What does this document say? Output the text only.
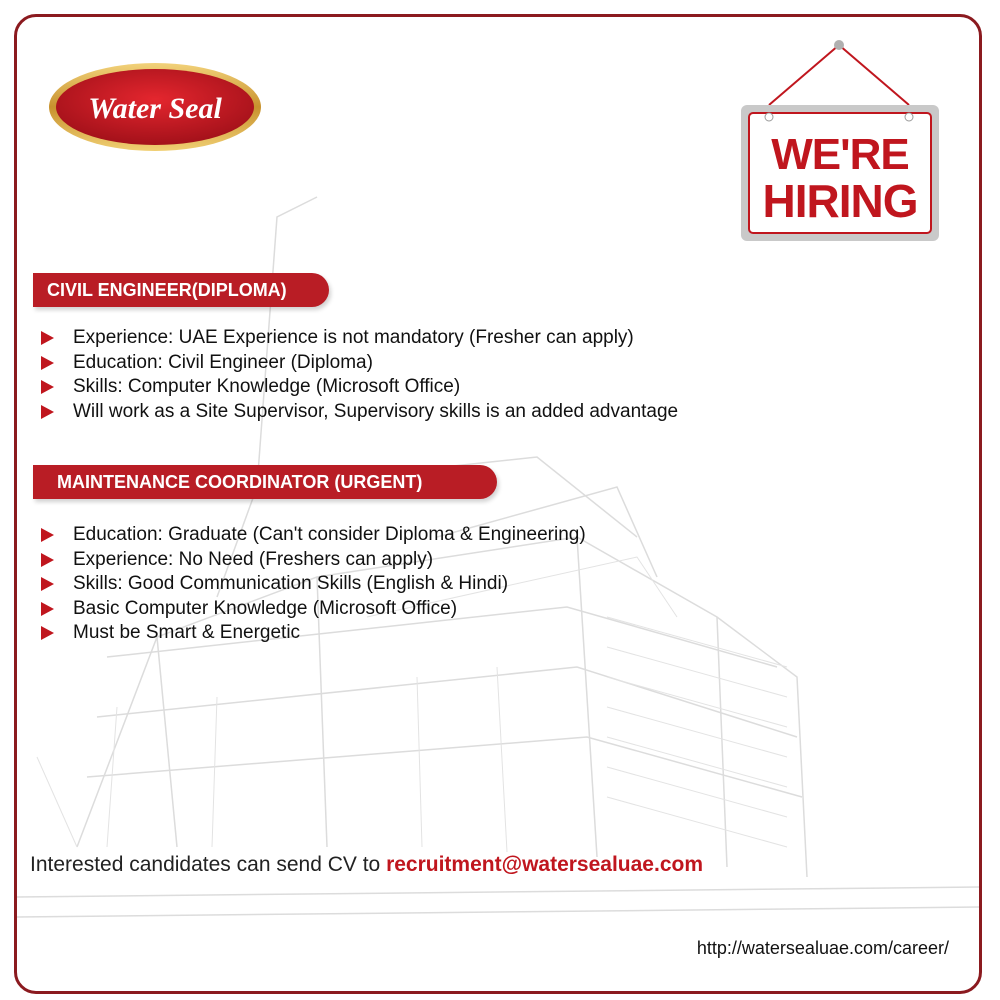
Water Seal
WE'RE
HIRING
CIVIL ENGINEER(DIPLOMA)
Experience: UAE Experience is not mandatory (Fresher can apply)
Education: Civil Engineer (Diploma)
Skills: Computer Knowledge (Microsoft Office)
Will work as a Site Supervisor, Supervisory skills is an added advantage
MAINTENANCE COORDINATOR (URGENT)
Education: Graduate (Can't consider Diploma & Engineering)
Experience: No Need (Freshers can apply)
Skills: Good Communication Skills (English & Hindi)
Basic Computer Knowledge (Microsoft Office)
Must be Smart & Energetic
Interested candidates can send CV to recruitment@watersealuae.com
http://watersealuae.com/career/
